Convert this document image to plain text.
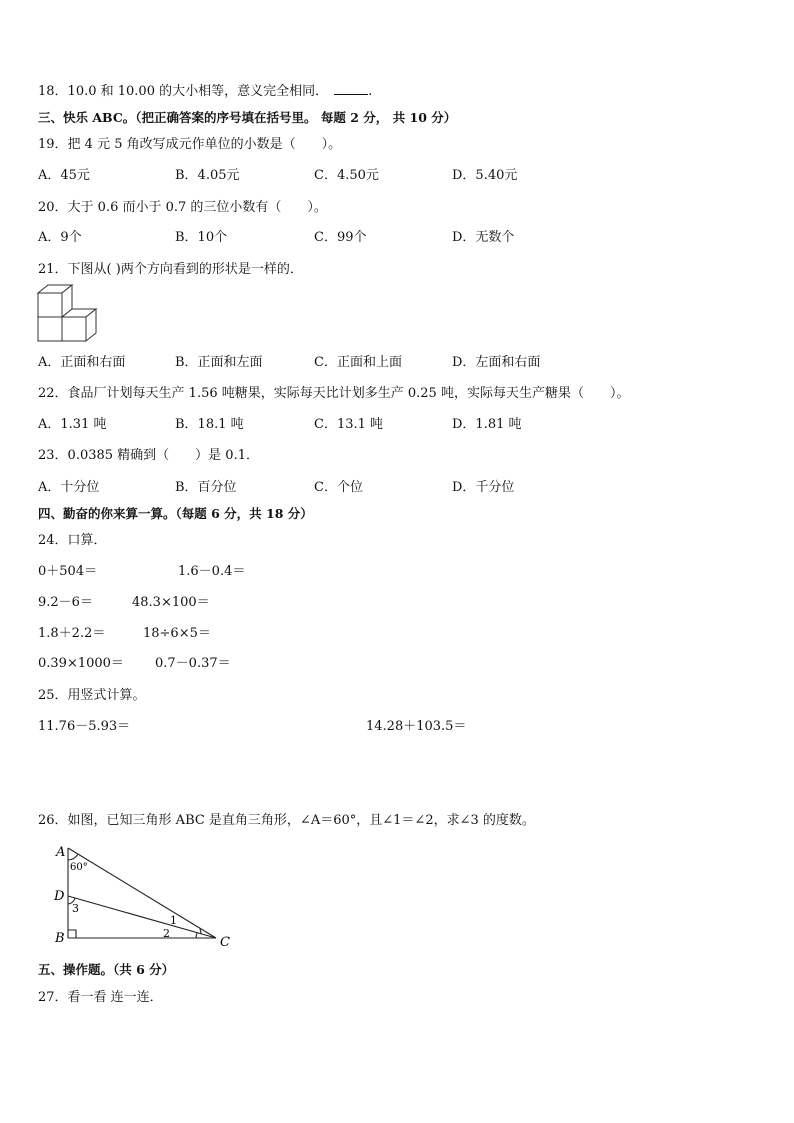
18．10.0 和 10.00 的大小相等，意义完全相同．	.
三、快乐 ABC。（把正确答案的序号填在括号里。 每题 2 分， 共 10 分）
19．把 4 元 5 角改写成元作单位的小数是（　　）。
A．45元	B．4.05元	C．4.50元	D．5.40元
20．大于 0.6 而小于 0.7 的三位小数有（　　）。
A．9个	B．10个	C．99个	D．无数个
21．下图从( )两个方向看到的形状是一样的．
A．正面和右面	B．正面和左面	C．正面和上面	D．左面和右面
22．食品厂计划每天生产 1.56 吨糖果，实际每天比计划多生产 0.25 吨，实际每天生产糖果（　　）。
A．1.31 吨	B．18.1 吨	C．13.1 吨	D．1.81 吨
23．0.0385 精确到（　　）是 0.1．
A．十分位	B．百分位	C．个位	D．千分位
四、勤奋的你来算一算。（每题 6 分，共 18 分）
24．口算．
0＋504＝	1.6－0.4＝
9.2－6＝	48.3×100＝
1.8＋2.2＝	18÷6×5＝
0.39×1000＝ 0.7－0.37＝
25．用竖式计算。
11.76－5.93＝	14.28＋103.5＝
26．如图，已知三角形 ABC 是直角三角形，∠A＝60°，且∠1＝∠2，求∠3 的度数。
A
60°
D
3
B	C
1
2
五、操作题。（共 6 分）
27．看一看 连一连．
